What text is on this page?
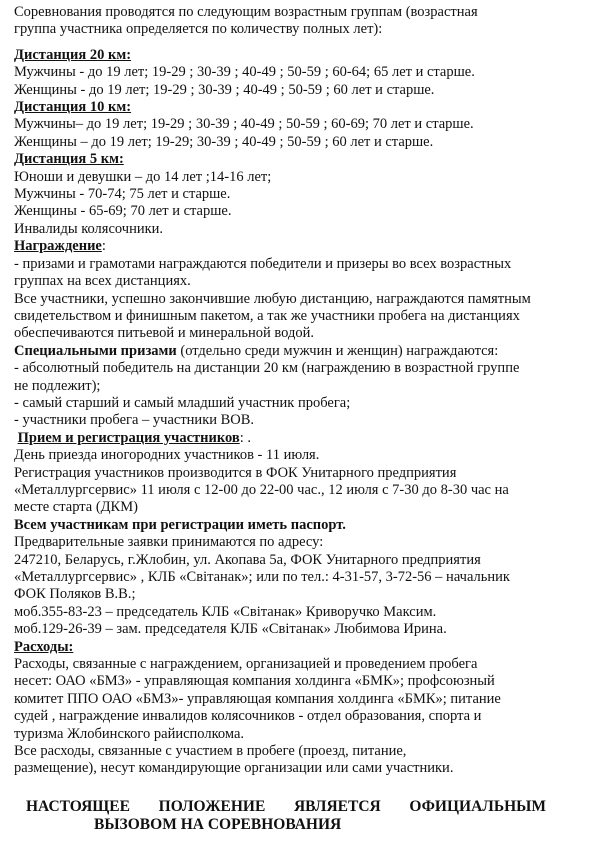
Соревнования проводятся по следующим возрастным группам (возрастная
группа участника определяется по количеству полных лет):
Дистанция 20 км:
Мужчины - до 19 лет; 19-29 ; 30-39 ; 40-49 ; 50-59 ; 60-64; 65 лет и старше.
Женщины - до 19 лет; 19-29 ; 30-39 ; 40-49 ; 50-59 ; 60 лет и старше.
Дистанция 10 км:
Мужчины– до 19 лет; 19-29 ; 30-39 ; 40-49 ; 50-59 ; 60-69; 70 лет и старше.
Женщины – до 19 лет; 19-29; 30-39 ; 40-49 ; 50-59 ; 60 лет и старше.
Дистанция 5 км:
Юноши и девушки – до 14 лет ;14-16 лет;
Мужчины - 70-74; 75 лет и старше.
Женщины - 65-69; 70 лет и старше.
Инвалиды колясочники.
Награждение:
- призами и грамотами награждаются победители и призеры во всех возрастных
группах на всех дистанциях.
Все участники, успешно закончившие любую дистанцию, награждаются памятным
свидетельством и финишным пакетом, а так же участники пробега на дистанциях
обеспечиваются питьевой и минеральной водой.
Специальными призами (отдельно среди мужчин и женщин) награждаются:
- абсолютный победитель на дистанции 20 км (награждению в возрастной группе
не подлежит);
- самый старший и самый младший участник пробега;
- участники пробега – участники ВОВ.
Прием и регистрация участников: .
День приезда иногородних участников - 11 июля.
Регистрация участников производится в ФОК Унитарного предприятия
«Металлургсервис» 11 июля с 12-00 до 22-00 час., 12 июля с 7-30 до 8-30 час на
месте старта (ДКМ)
Всем участникам при регистрации иметь паспорт.
Предварительные заявки принимаются по адресу:
247210, Беларусь, г.Жлобин, ул. Акопава 5а, ФОК Унитарного предприятия
«Металлургсервис» , КЛБ «Світанак»; или по тел.: 4-31-57, 3-72-56 – начальник
ФОК Поляков В.В.;
моб.355-83-23 – председатель КЛБ «Світанак» Криворучко Максим.
моб.129-26-39 – зам. председателя КЛБ «Світанак» Любимова Ирина.
Расходы:
Расходы, связанные с награждением, организацией и проведением пробега
несет: ОАО «БМЗ» - управляющая компания холдинга «БМК»; профсоюзный
комитет ППО ОАО «БМЗ»- управляющая компания холдинга «БМК»; питание
судей , награждение инвалидов колясочников - отдел образования, спорта и
туризма Жлобинского райисполкома.
Все расходы, связанные с участием в пробеге (проезд, питание,
размещение), несут командирующие организации или сами участники.
НАСТОЯЩЕЕ ПОЛОЖЕНИЕ ЯВЛЯЕТСЯ ОФИЦИАЛЬНЫМ
ВЫЗОВОМ НА СОРЕВНОВАНИЯ
